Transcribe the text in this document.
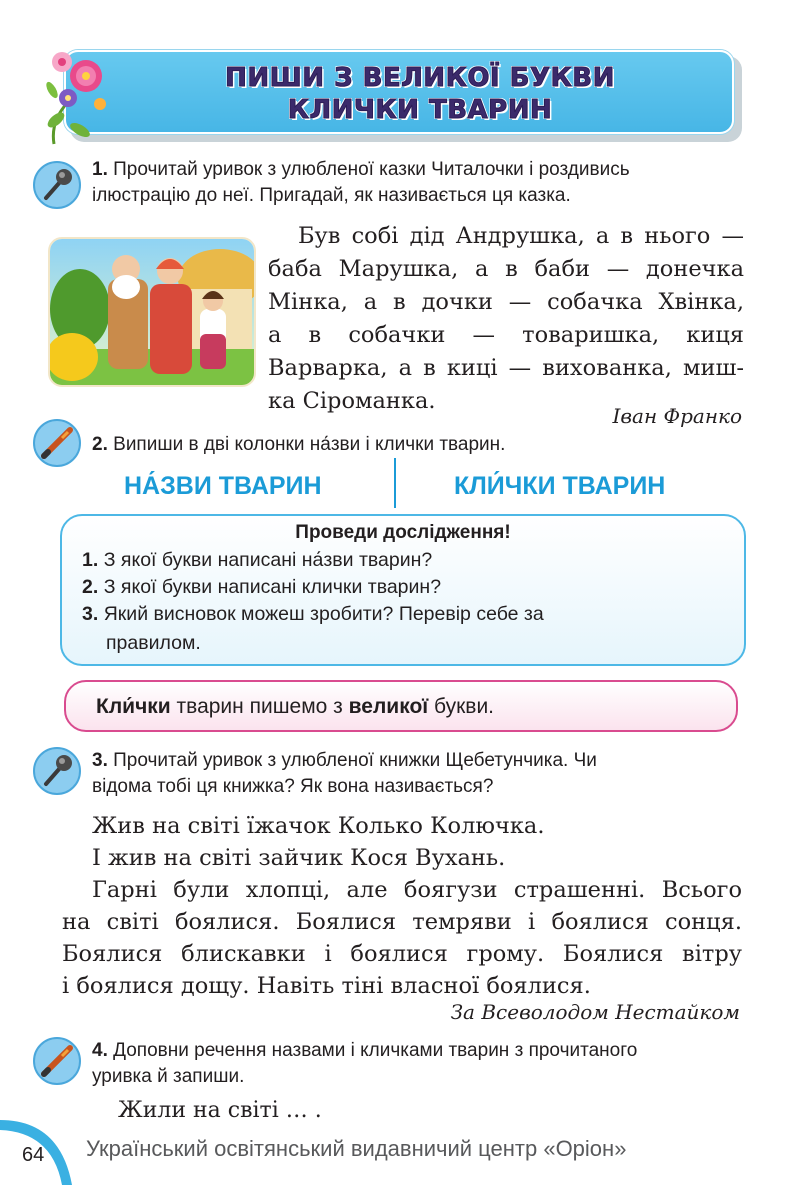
ПИШИ З ВЕЛИКОЇ БУКВИ
КЛИЧКИ ТВАРИН
1. Прочитай уривок з улюбленої казки Читалочки і роздивись
ілюстрацію до неї. Пригадай, як називається ця казка.
Був собі дід Андрушка, а в нього —
баба Марушка, а в баби — донечка
Мінка, а в дочки — собачка Хвінка,
а в собачки — товаришка, киця
Варварка, а в киці — вихованка, миш-
ка Сіроманка.
Іван Франко
2. Випиши в дві колонки на́зви і клички тварин.
НА́ЗВИ ТВАРИН	КЛИ́ЧКИ ТВАРИН
Проведи дослідження!
1. З якої букви написані на́зви тварин?
2. З якої букви написані клички тварин?
3. Який висновок можеш зробити? Перевір себе за
правилом.
Кли́чки тварин пишемо з великої букви.
3. Прочитай уривок з улюбленої книжки Щебетунчика. Чи
відома тобі ця книжка? Як вона називається?
Жив на світі їжачок Колько Колючка.
І жив на світі зайчик Кося Вухань.
Гарні були хлопці, але боягузи страшенні. Всього
на світі боялися. Боялися темряви і боялися сонця.
Боялися блискавки і боялися грому. Боялися вітру
і боялися дощу. Навіть тіні власної боялися.
За Всеволодом Нестайком
4. Доповни речення назвами і кличками тварин з прочитаного
уривка й запиши.
Жили на світі … .
64 Український освітянський видавничий центр «Оріон»
